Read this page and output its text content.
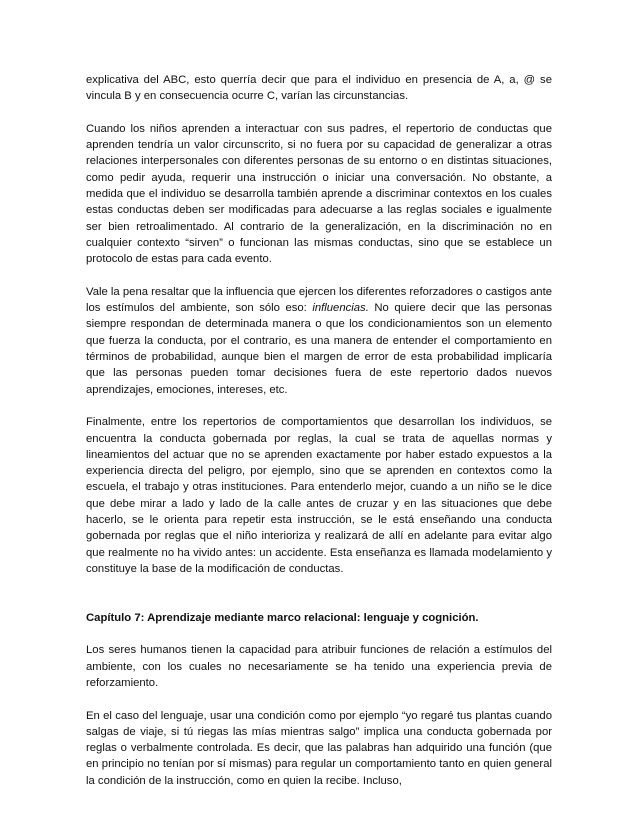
explicativa del ABC, esto querría decir que para el individuo en presencia de A, a, @ se vincula B y en consecuencia ocurre C, varían las circunstancias.

Cuando los niños aprenden a interactuar con sus padres, el repertorio de conductas que aprenden tendría un valor circunscrito, si no fuera por su capacidad de generalizar a otras relaciones interpersonales con diferentes personas de su entorno o en distintas situaciones, como pedir ayuda, requerir una instrucción o iniciar una conversación. No obstante, a medida que el individuo se desarrolla también aprende a discriminar contextos en los cuales estas conductas deben ser modificadas para adecuarse a las reglas sociales e igualmente ser bien retroalimentado. Al contrario de la generalización, en la discriminación no en cualquier contexto “sirven” o funcionan las mismas conductas, sino que se establece un protocolo de estas para cada evento.

Vale la pena resaltar que la influencia que ejercen los diferentes reforzadores o castigos ante los estímulos del ambiente, son sólo eso: influencias. No quiere decir que las personas siempre respondan de determinada manera o que los condicionamientos son un elemento que fuerza la conducta, por el contrario, es una manera de entender el comportamiento en términos de probabilidad, aunque bien el margen de error de esta probabilidad implicaría que las personas pueden tomar decisiones fuera de este repertorio dados nuevos aprendizajes, emociones, intereses, etc.

Finalmente, entre los repertorios de comportamientos que desarrollan los individuos, se encuentra la conducta gobernada por reglas, la cual se trata de aquellas normas y lineamientos del actuar que no se aprenden exactamente por haber estado expuestos a la experiencia directa del peligro, por ejemplo, sino que se aprenden en contextos como la escuela, el trabajo y otras instituciones. Para entenderlo mejor, cuando a un niño se le dice que debe mirar a lado y lado de la calle antes de cruzar y en las situaciones que debe hacerlo, se le orienta para repetir esta instrucción, se le está enseñando una conducta gobernada por reglas que el niño interioriza y realizará de allí en adelante para evitar algo que realmente no ha vivido antes: un accidente. Esta enseñanza es llamada modelamiento y constituye la base de la modificación de conductas.

Capítulo 7: Aprendizaje mediante marco relacional: lenguaje y cognición.

Los seres humanos tienen la capacidad para atribuir funciones de relación a estímulos del ambiente, con los cuales no necesariamente se ha tenido una experiencia previa de reforzamiento.

En el caso del lenguaje, usar una condición como por ejemplo “yo regaré tus plantas cuando salgas de viaje, si tú riegas las mías mientras salgo” implica una conducta gobernada por reglas o verbalmente controlada. Es decir, que las palabras han adquirido una función (que en principio no tenían por sí mismas) para regular un comportamiento tanto en quien general la condición de la instrucción, como en quien la recibe. Incluso,
